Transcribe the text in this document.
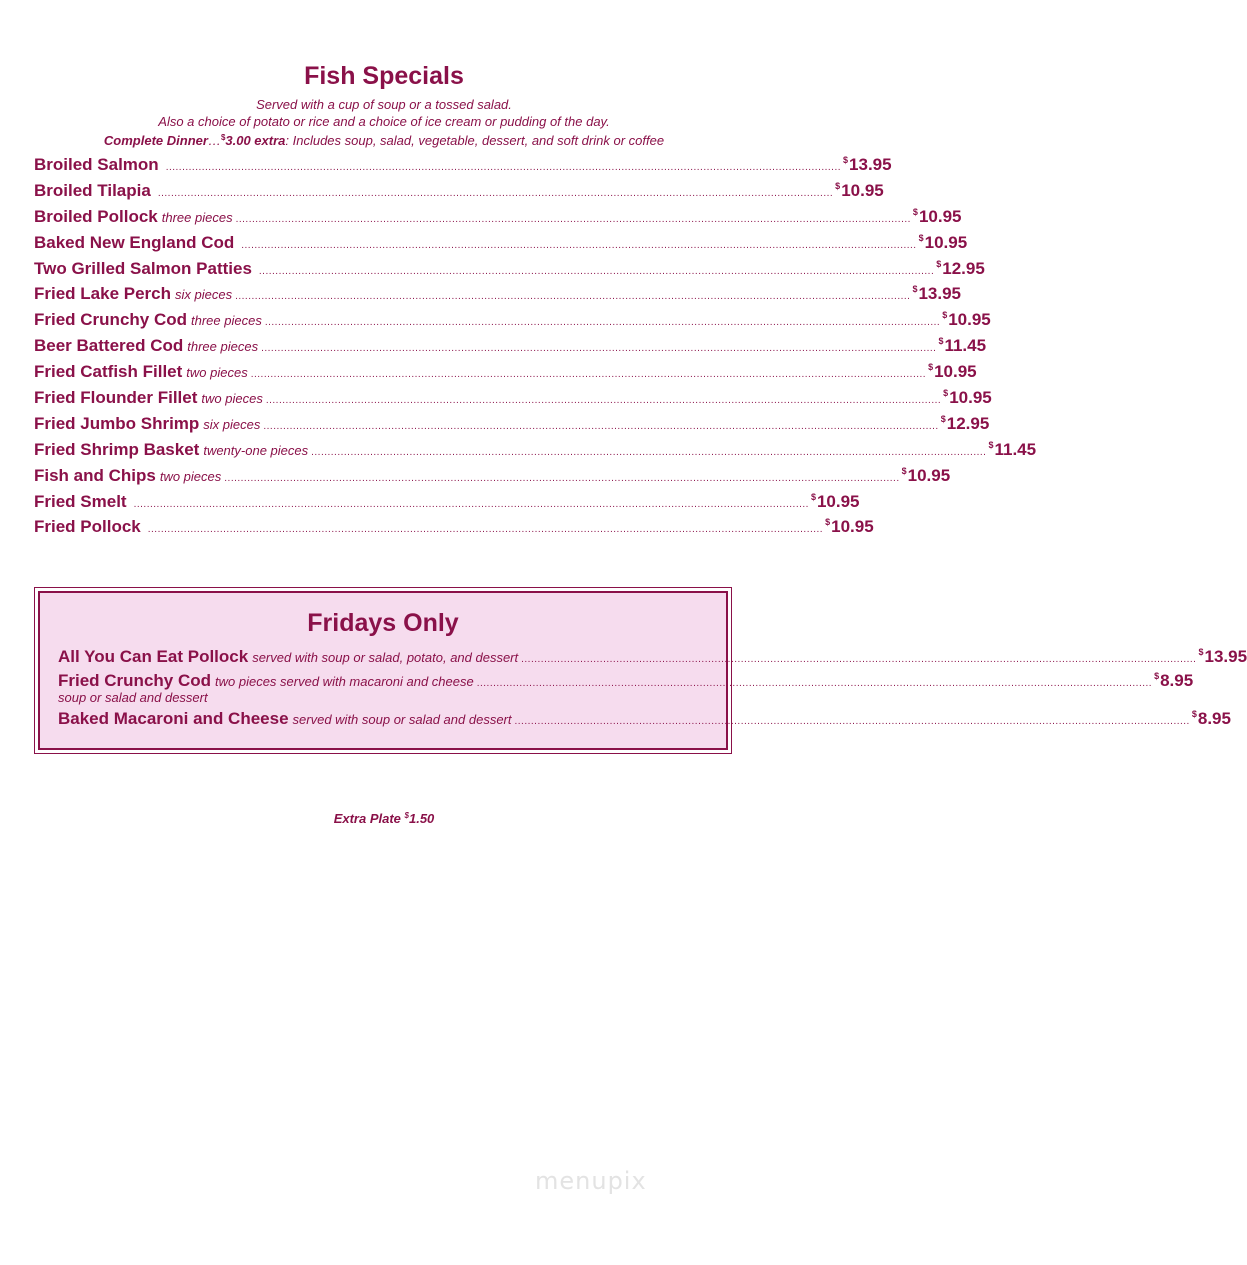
Fish Specials
Served with a cup of soup or a tossed salad.
Also a choice of potato or rice and a choice of ice cream or pudding of the day.
Complete Dinner…$3.00 extra: Includes soup, salad, vegetable, dessert, and soft drink or coffee
Broiled Salmon ..............................................................................................................................................................................................................
$13.95
Broiled Tilapia ..............................................................................................................................................................................................................
$10.95
Broiled Pollock three pieces ..............................................................................................................................................................................................................
$10.95
Baked New England Cod ..............................................................................................................................................................................................................
$10.95
Two Grilled Salmon Patties ..............................................................................................................................................................................................................
$12.95
Fried Lake Perch six pieces ..............................................................................................................................................................................................................
$13.95
Fried Crunchy Cod three pieces ..............................................................................................................................................................................................................
$10.95
Beer Battered Cod three pieces ..............................................................................................................................................................................................................
$11.45
Fried Catfish Fillet two pieces ..............................................................................................................................................................................................................
$10.95
Fried Flounder Fillet two pieces ..............................................................................................................................................................................................................
$10.95
Fried Jumbo Shrimp six pieces ..............................................................................................................................................................................................................
$12.95
Fried Shrimp Basket twenty-one pieces ..............................................................................................................................................................................................................
$11.45
Fish and Chips two pieces ..............................................................................................................................................................................................................
$10.95
Fried Smelt ..............................................................................................................................................................................................................
$10.95
Fried Pollock ..............................................................................................................................................................................................................
$10.95
Fridays Only
All You Can Eat Pollock served with soup or salad, potato, and dessert ..............................................................................................................................................................................................................
$13.95
Fried Crunchy Cod two pieces served with macaroni and cheese ..............................................................................................................................................................................................................
$8.95
soup or salad and dessert
Baked Macaroni and Cheese served with soup or salad and dessert ..............................................................................................................................................................................................................
$8.95
Extra Plate $1.50
menupix
